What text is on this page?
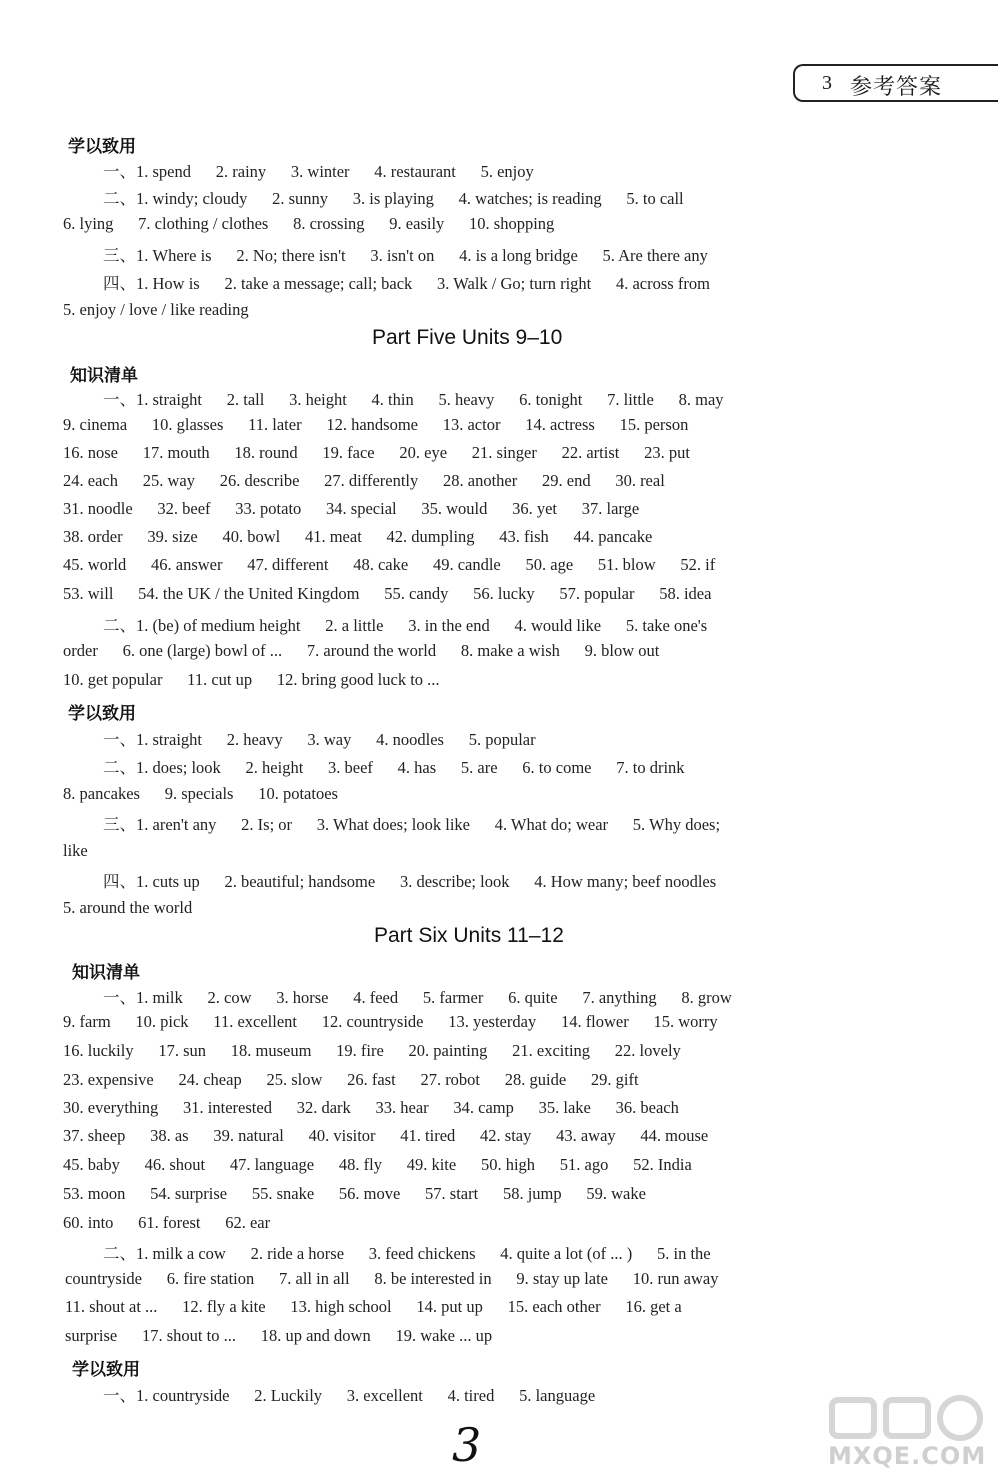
3 参考答案
学以致用
一、1. spend      2. rainy      3. winter      4. restaurant      5. enjoy
二、1. windy; cloudy      2. sunny      3. is playing      4. watches; is reading      5. to call
6. lying      7. clothing / clothes      8. crossing      9. easily      10. shopping
三、1. Where is      2. No; there isn't      3. isn't on      4. is a long bridge      5. Are there any
四、1. How is      2. take a message; call; back      3. Walk / Go; turn right      4. across from
5. enjoy / love / like reading
Part Five Units 9–10
知识清单
一、1. straight      2. tall      3. height      4. thin      5. heavy      6. tonight      7. little      8. may
9. cinema      10. glasses      11. later      12. handsome      13. actor      14. actress      15. person
16. nose      17. mouth      18. round      19. face      20. eye      21. singer      22. artist      23. put
24. each      25. way      26. describe      27. differently      28. another      29. end      30. real
31. noodle      32. beef      33. potato      34. special      35. would      36. yet      37. large
38. order      39. size      40. bowl      41. meat      42. dumpling      43. fish      44. pancake
45. world      46. answer      47. different      48. cake      49. candle      50. age      51. blow      52. if
53. will      54. the UK / the United Kingdom      55. candy      56. lucky      57. popular      58. idea
二、1. (be) of medium height      2. a little      3. in the end      4. would like      5. take one's
order      6. one (large) bowl of ...      7. around the world      8. make a wish      9. blow out
10. get popular      11. cut up      12. bring good luck to ...
学以致用
一、1. straight      2. heavy      3. way      4. noodles      5. popular
二、1. does; look      2. height      3. beef      4. has      5. are      6. to come      7. to drink
8. pancakes      9. specials      10. potatoes
三、1. aren't any      2. Is; or      3. What does; look like      4. What do; wear      5. Why does;
like
四、1. cuts up      2. beautiful; handsome      3. describe; look      4. How many; beef noodles
5. around the world
Part Six Units 11–12
知识清单
一、1. milk      2. cow      3. horse      4. feed      5. farmer      6. quite      7. anything      8. grow
9. farm      10. pick      11. excellent      12. countryside      13. yesterday      14. flower      15. worry
16. luckily      17. sun      18. museum      19. fire      20. painting      21. exciting      22. lovely
23. expensive      24. cheap      25. slow      26. fast      27. robot      28. guide      29. gift
30. everything      31. interested      32. dark      33. hear      34. camp      35. lake      36. beach
37. sheep      38. as      39. natural      40. visitor      41. tired      42. stay      43. away      44. mouse
45. baby      46. shout      47. language      48. fly      49. kite      50. high      51. ago      52. India
53. moon      54. surprise      55. snake      56. move      57. start      58. jump      59. wake
60. into      61. forest      62. ear
二、1. milk a cow      2. ride a horse      3. feed chickens      4. quite a lot (of ... )      5. in the
countryside      6. fire station      7. all in all      8. be interested in      9. stay up late      10. run away
11. shout at ...      12. fly a kite      13. high school      14. put up      15. each other      16. get a
surprise      17. shout to ...      18. up and down      19. wake ... up
学以致用
一、1. countryside      2. Luckily      3. excellent      4. tired      5. language
3	MXQE.COM
